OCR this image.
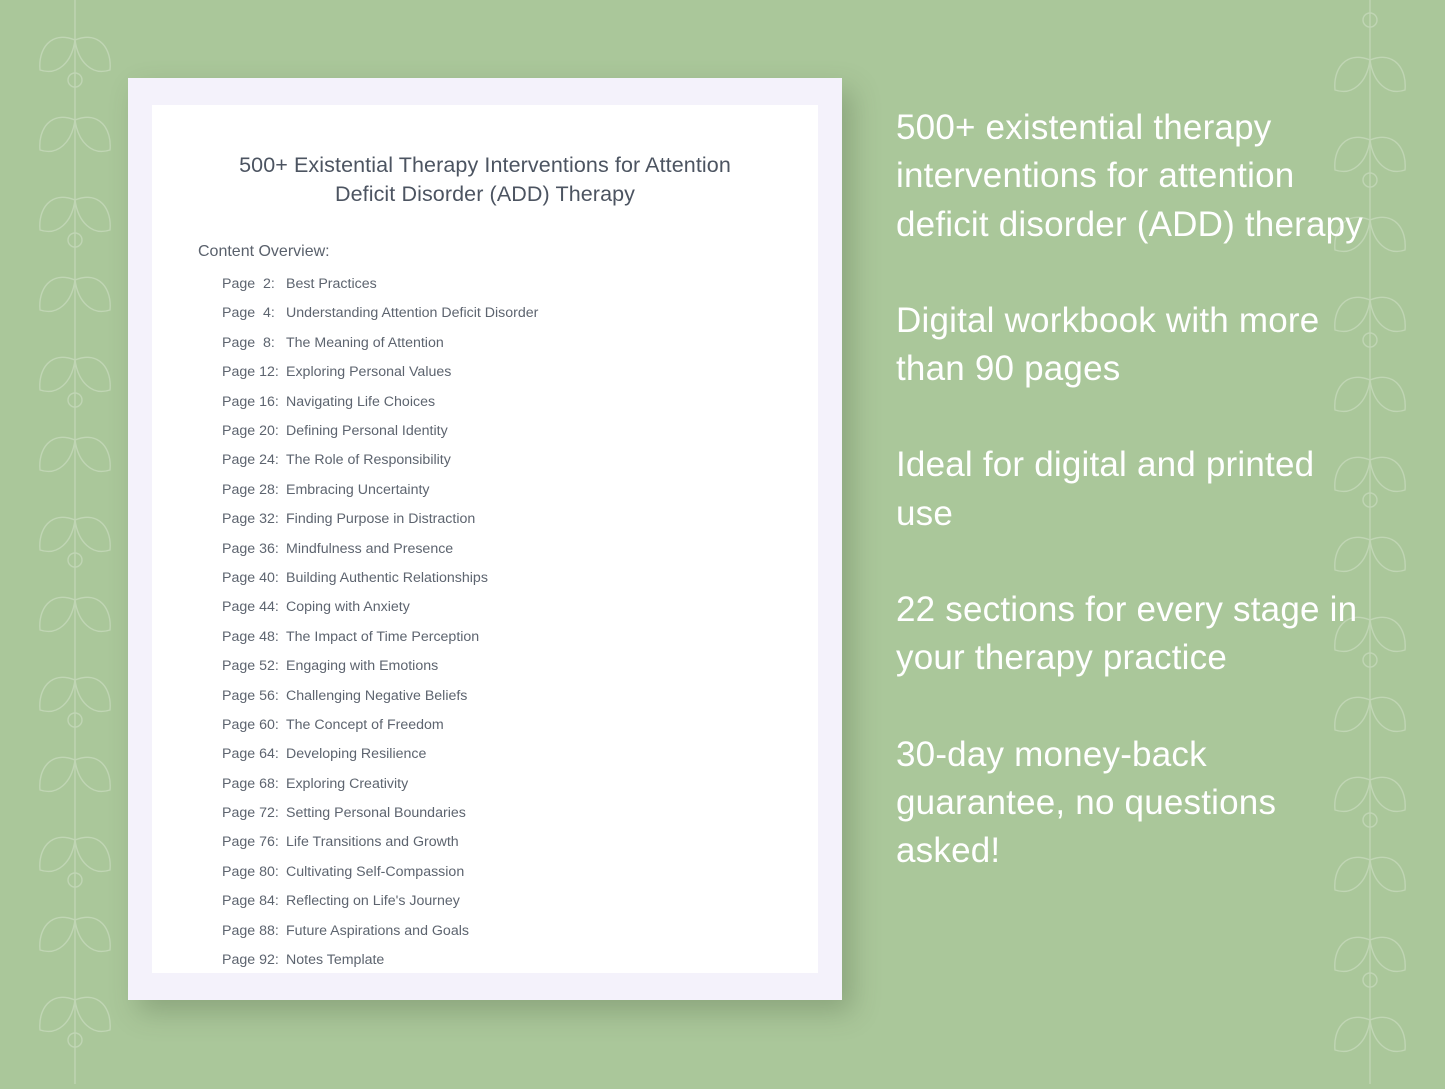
500+ Existential Therapy Interventions for Attention Deficit Disorder (ADD) Therapy
Content Overview:
Page  2: Best Practices
Page  4: Understanding Attention Deficit Disorder
Page  8: The Meaning of Attention
Page 12: Exploring Personal Values
Page 16: Navigating Life Choices
Page 20: Defining Personal Identity
Page 24: The Role of Responsibility
Page 28: Embracing Uncertainty
Page 32: Finding Purpose in Distraction
Page 36: Mindfulness and Presence
Page 40: Building Authentic Relationships
Page 44: Coping with Anxiety
Page 48: The Impact of Time Perception
Page 52: Engaging with Emotions
Page 56: Challenging Negative Beliefs
Page 60: The Concept of Freedom
Page 64: Developing Resilience
Page 68: Exploring Creativity
Page 72: Setting Personal Boundaries
Page 76: Life Transitions and Growth
Page 80: Cultivating Self-Compassion
Page 84: Reflecting on Life's Journey
Page 88: Future Aspirations and Goals
Page 92: Notes Template

500+ existential therapy interventions for attention deficit disorder (ADD) therapy

Digital workbook with more than 90 pages

Ideal for digital and printed use

22 sections for every stage in your therapy practice

30-day money-back guarantee, no questions asked!
